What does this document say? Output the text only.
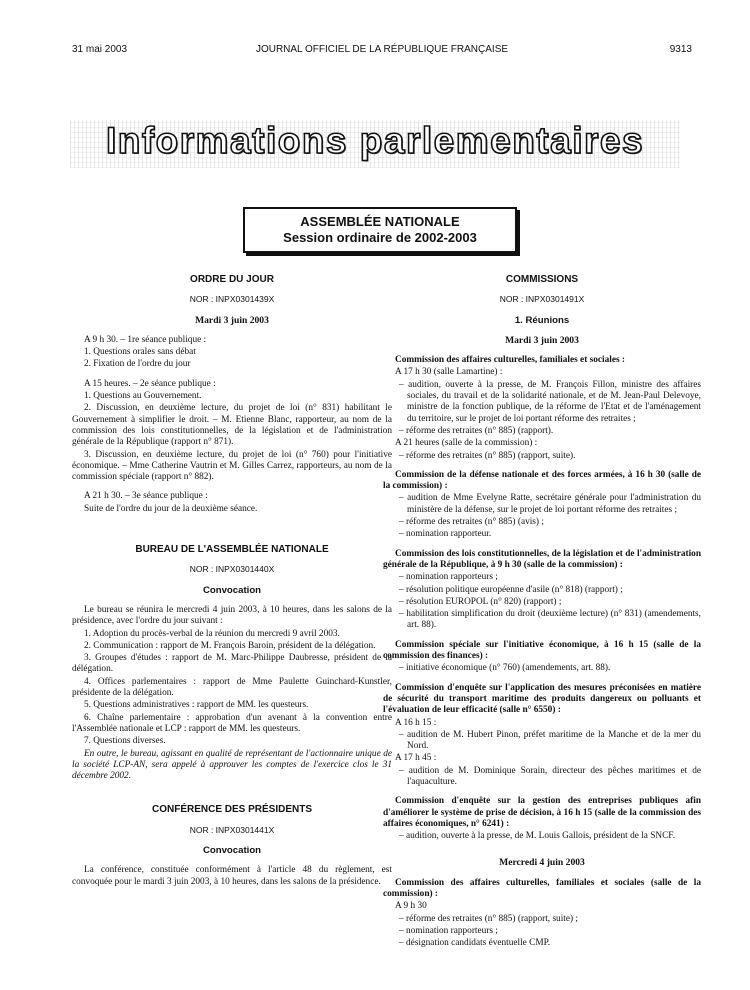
31 mai 2003	JOURNAL OFFICIEL DE LA RÉPUBLIQUE FRANÇAISE	9313
Informations parlementaires
ASSEMBLÉE NATIONALE
Session ordinaire de 2002-2003
ORDRE DU JOUR
NOR : INPX0301439X
Mardi 3 juin 2003

A 9 h 30. – 1re séance publique :

1. Questions orales sans débat

2. Fixation de l'ordre du jour

A 15 heures. – 2e séance publique :

1. Questions au Gouvernement.

2. Discussion, en deuxième lecture, du projet de loi (n° 831) habilitant le Gouvernement à simplifier le droit. – M. Etienne Blanc, rapporteur, au nom de la commission des lois constitutionnelles, de la législation et de l'administration générale de la République (rapport n° 871).

3. Discussion, en deuxième lecture, du projet de loi (n° 760) pour l'initiative économique. – Mme Catherine Vautrin et M. Gilles Carrez, rapporteurs, au nom de la commission spéciale (rapport n° 882).

A 21 h 30. – 3e séance publique :

Suite de l'ordre du jour de la deuxième séance.

BUREAU DE L'ASSEMBLÉE NATIONALE
NOR : INPX0301440X
Convocation

Le bureau se réunira le mercredi 4 juin 2003, à 10 heures, dans les salons de la présidence, avec l'ordre du jour suivant :

1. Adoption du procès-verbal de la réunion du mercredi 9 avril 2003.

2. Communication : rapport de M. François Baroin, président de la délégation.

3. Groupes d'études : rapport de M. Marc-Philippe Daubresse, président de la délégation.

4. Offices parlementaires : rapport de Mme Paulette Guinchard-Kunstler, présidente de la délégation.

5. Questions administratives : rapport de MM. les questeurs.

6. Chaîne parlementaire : approbation d'un avenant à la convention entre l'Assemblée nationale et LCP : rapport de MM. les questeurs.

7. Questions diverses.

En outre, le bureau, agissant en qualité de représentant de l'actionnaire unique de la société LCP-AN, sera appelé à approuver les comptes de l'exercice clos le 31 décembre 2002.

CONFÉRENCE DES PRÉSIDENTS
NOR : INPX0301441X
Convocation

La conférence, constituée conformément à l'article 48 du règlement, est convoquée pour le mardi 3 juin 2003, à 10 heures, dans les salons de la présidence.

COMMISSIONS
NOR : INPX0301491X
1. Réunions
Mardi 3 juin 2003

Commission des affaires culturelles, familiales et sociales :

A 17 h 30 (salle Lamartine) :

– audition, ouverte à la presse, de M. François Fillon, ministre des affaires sociales, du travail et de la solidarité nationale, et de M. Jean-Paul Delevoye, ministre de la fonction publique, de la réforme de l'Etat et de l'aménagement du territoire, sur le projet de loi portant réforme des retraites ;

– réforme des retraites (n° 885) (rapport).

A 21 heures (salle de la commission) :

– réforme des retraites (n° 885) (rapport, suite).

Commission de la défense nationale et des forces armées, à 16 h 30 (salle de la commission) :

– audition de Mme Evelyne Ratte, secrétaire générale pour l'administration du ministère de la défense, sur le projet de loi portant réforme des retraites ;

– réforme des retraites (n° 885) (avis) ;

– nomination rapporteur.

Commission des lois constitutionnelles, de la législation et de l'administration générale de la République, à 9 h 30 (salle de la commission) :

– nomination rapporteurs ;

– résolution politique européenne d'asile (n° 818) (rapport) ;

– résolution EUROPOL (n° 820) (rapport) ;

– habilitation simplification du droit (deuxième lecture) (n° 831) (amendements, art. 88).

Commission spéciale sur l'initiative économique, à 16 h 15 (salle de la commission des finances) :

– initiative économique (n° 760) (amendements, art. 88).

Commission d'enquête sur l'application des mesures préconisées en matière de sécurité du transport maritime des produits dangereux ou polluants et l'évaluation de leur efficacité (salle n° 6550) :

A 16 h 15 :

– audition de M. Hubert Pinon, préfet maritime de la Manche et de la mer du Nord.

A 17 h 45 :

– audition de M. Dominique Sorain, directeur des pêches maritimes et de l'aquaculture.

Commission d'enquête sur la gestion des entreprises publiques afin d'améliorer le système de prise de décision, à 16 h 15 (salle de la commission des affaires économiques, n° 6241) :

– audition, ouverte à la presse, de M. Louis Gallois, président de la SNCF.

Mercredi 4 juin 2003

Commission des affaires culturelles, familiales et sociales (salle de la commission) :

A 9 h 30

– réforme des retraites (n° 885) (rapport, suite) ;

– nomination rapporteurs ;

– désignation candidats éventuelle CMP.
